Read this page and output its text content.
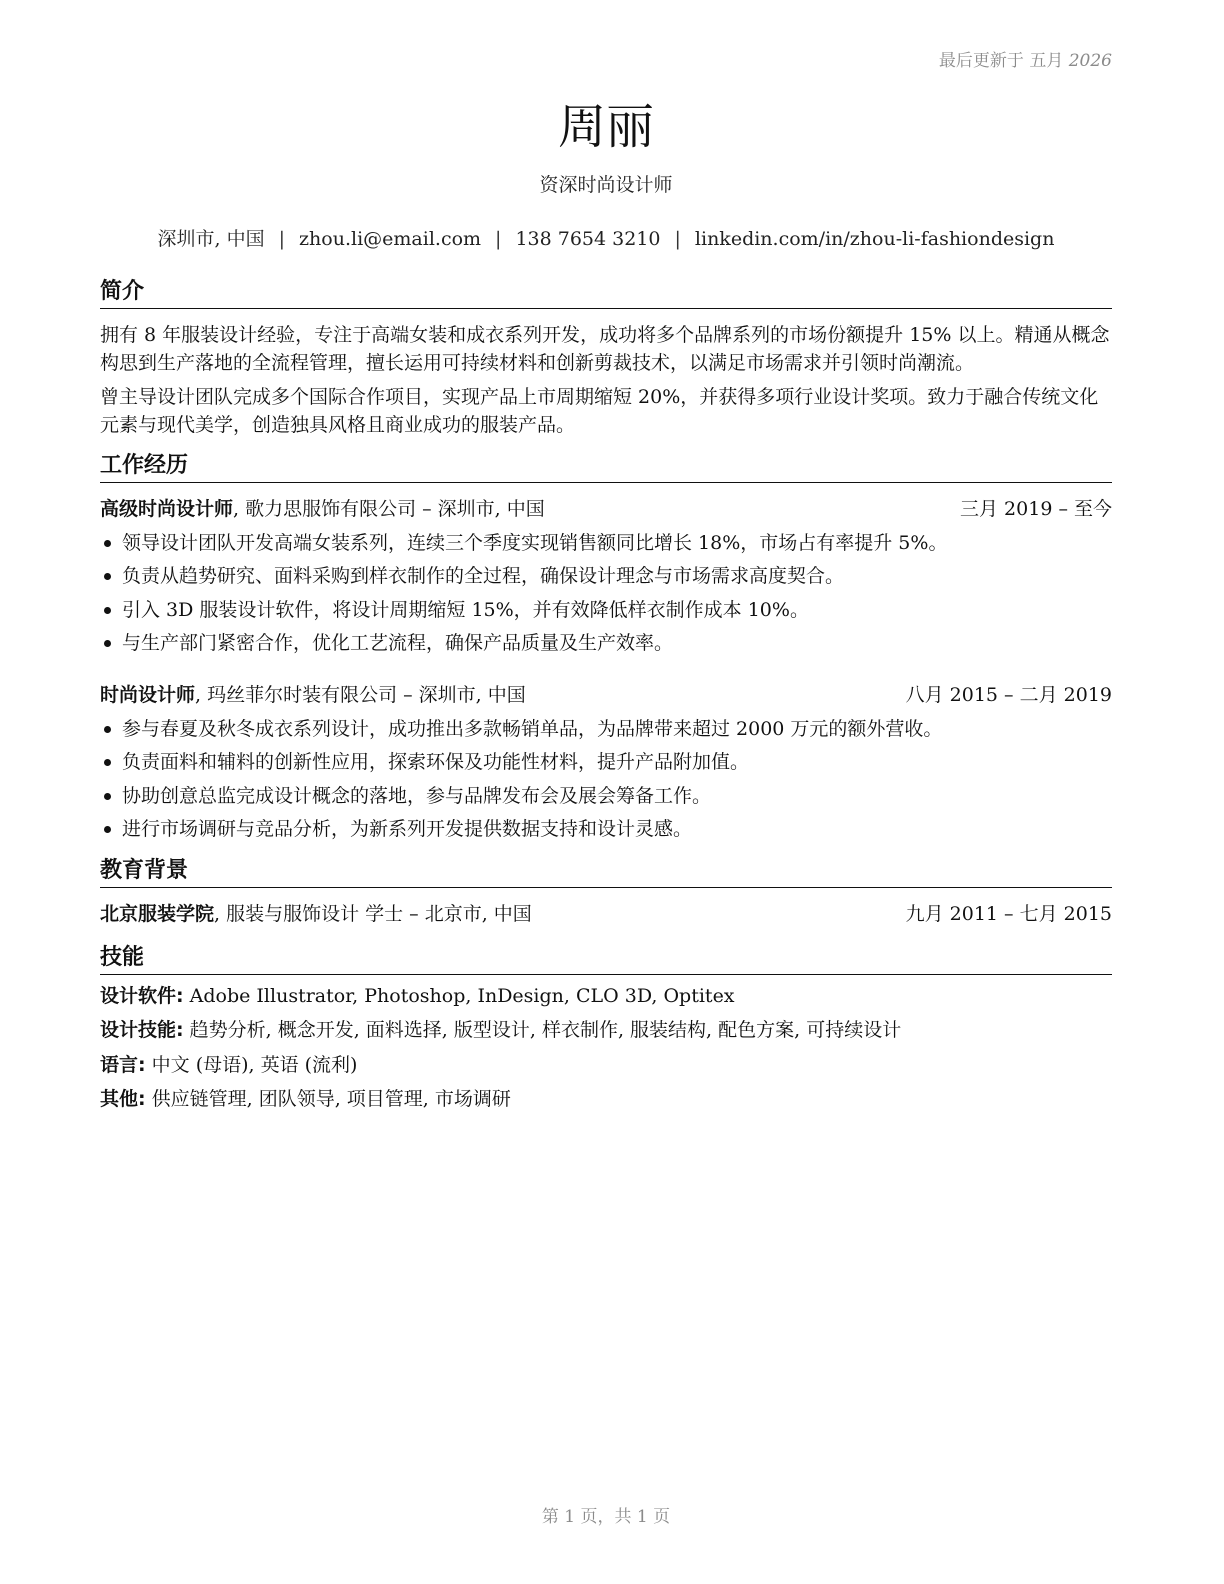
最后更新于 五月 2026
周丽
资深时尚设计师
深圳市, 中国 | zhou.li@email.com | 138 7654 3210 | linkedin.com/in/zhou-li-fashiondesign
简介
拥有 8 年服装设计经验，专注于高端女装和成衣系列开发，成功将多个品牌系列的市场份额提升 15% 以上。精通从概念构思到生产落地的全流程管理，擅长运用可持续材料和创新剪裁技术，以满足市场需求并引领时尚潮流。
曾主导设计团队完成多个国际合作项目，实现产品上市周期缩短 20%，并获得多项行业设计奖项。致力于融合传统文化元素与现代美学，创造独具风格且商业成功的服装产品。
工作经历
高级时尚设计师, 歌力思服饰有限公司 – 深圳市, 中国	三月 2019 – 至今
领导设计团队开发高端女装系列，连续三个季度实现销售额同比增长 18%，市场占有率提升 5%。
负责从趋势研究、面料采购到样衣制作的全过程，确保设计理念与市场需求高度契合。
引入 3D 服装设计软件，将设计周期缩短 15%，并有效降低样衣制作成本 10%。
与生产部门紧密合作，优化工艺流程，确保产品质量及生产效率。
时尚设计师, 玛丝菲尔时装有限公司 – 深圳市, 中国	八月 2015 – 二月 2019
参与春夏及秋冬成衣系列设计，成功推出多款畅销单品，为品牌带来超过 2000 万元的额外营收。
负责面料和辅料的创新性应用，探索环保及功能性材料，提升产品附加值。
协助创意总监完成设计概念的落地，参与品牌发布会及展会筹备工作。
进行市场调研与竞品分析，为新系列开发提供数据支持和设计灵感。
教育背景
北京服装学院, 服装与服饰设计 学士 – 北京市, 中国	九月 2011 – 七月 2015
技能
设计软件: Adobe Illustrator, Photoshop, InDesign, CLO 3D, Optitex
设计技能: 趋势分析, 概念开发, 面料选择, 版型设计, 样衣制作, 服装结构, 配色方案, 可持续设计
语言: 中文 (母语), 英语 (流利)
其他: 供应链管理, 团队领导, 项目管理, 市场调研
第 1 页，共 1 页
